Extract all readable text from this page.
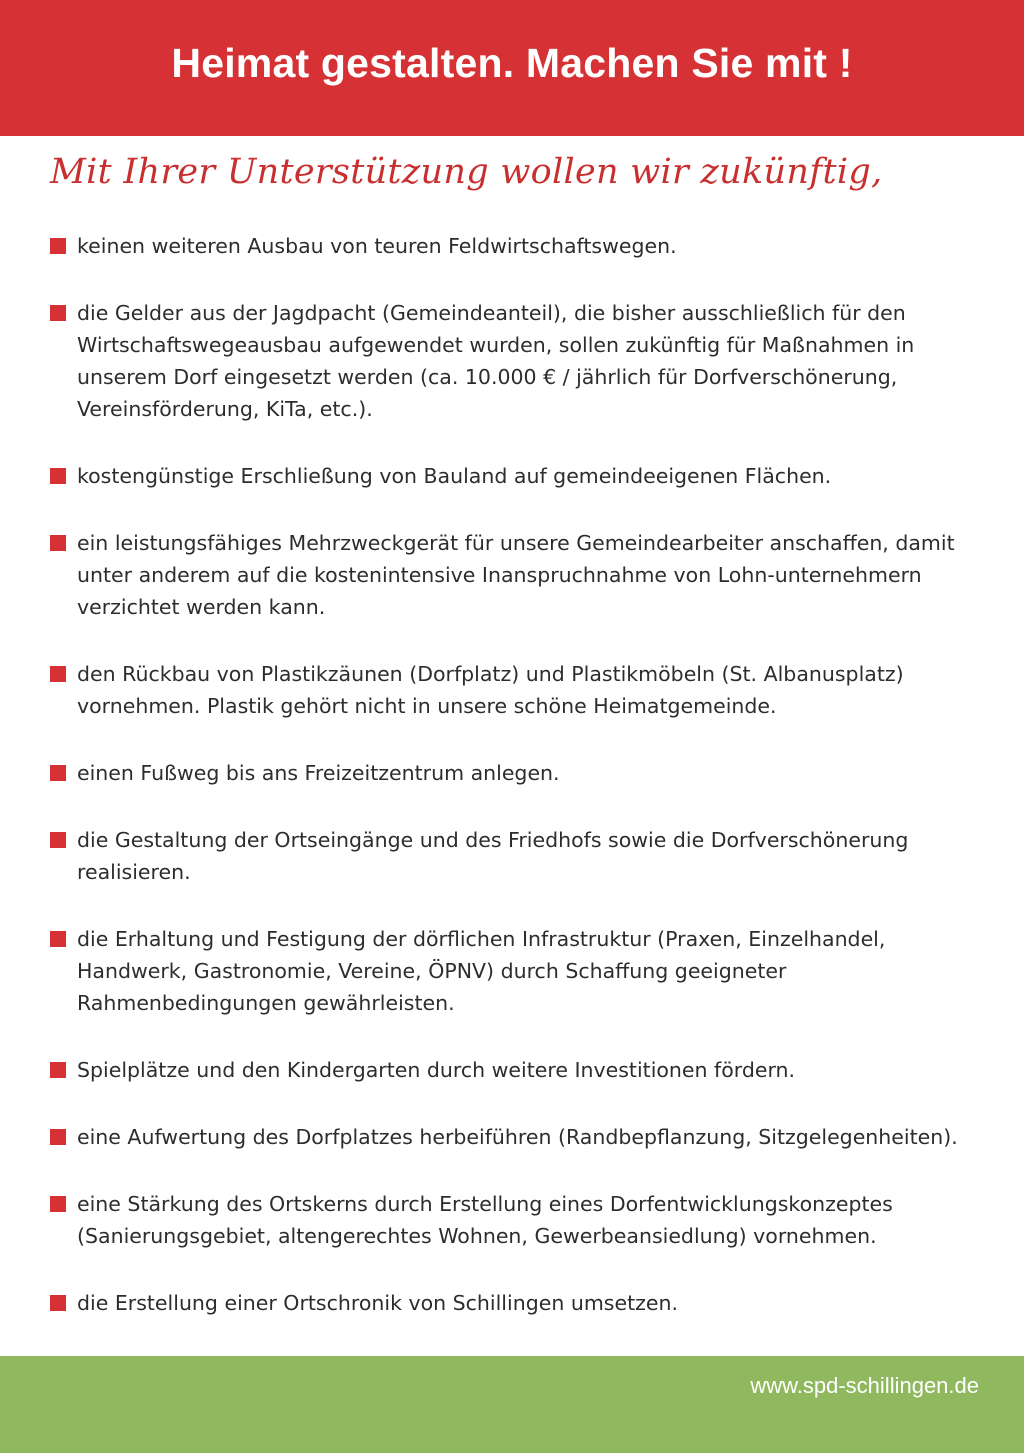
Heimat gestalten. Machen Sie mit !
Mit Ihrer Unterstützung wollen wir zukünftig,
keinen weiteren Ausbau von teuren Feldwirtschaftswegen.
die Gelder aus der Jagdpacht (Gemeindeanteil), die bisher ausschließlich für den Wirtschaftswegeausbau aufgewendet wurden, sollen zukünftig für Maßnahmen in unserem Dorf eingesetzt werden (ca. 10.000 € / jährlich für Dorfverschönerung, Vereinsförderung, KiTa, etc.).
kostengünstige Erschließung von Bauland auf gemeindeeigenen Flächen.
ein leistungsfähiges Mehrzweckgerät für unsere Gemeindearbeiter anschaffen, damit unter anderem auf die kostenintensive Inanspruchnahme von Lohn-unternehmern verzichtet werden kann.
den Rückbau von Plastikzäunen (Dorfplatz) und Plastikmöbeln (St. Albanusplatz) vornehmen. Plastik gehört nicht in unsere schöne Heimatgemeinde.
einen Fußweg bis ans Freizeitzentrum anlegen.
die Gestaltung der Ortseingänge und des Friedhofs sowie die Dorfverschönerung realisieren.
die Erhaltung und Festigung der dörflichen Infrastruktur (Praxen, Einzelhandel, Handwerk, Gastronomie, Vereine, ÖPNV) durch Schaffung geeigneter Rahmenbedingungen gewährleisten.
Spielplätze und den Kindergarten durch weitere Investitionen fördern.
eine Aufwertung des Dorfplatzes herbeiführen (Randbepflanzung, Sitzgelegenheiten).
eine Stärkung des Ortskerns durch Erstellung eines Dorfentwicklungskonzeptes (Sanierungsgebiet, altengerechtes Wohnen, Gewerbeansiedlung) vornehmen.
die Erstellung einer Ortschronik von Schillingen umsetzen.
www.spd-schillingen.de
